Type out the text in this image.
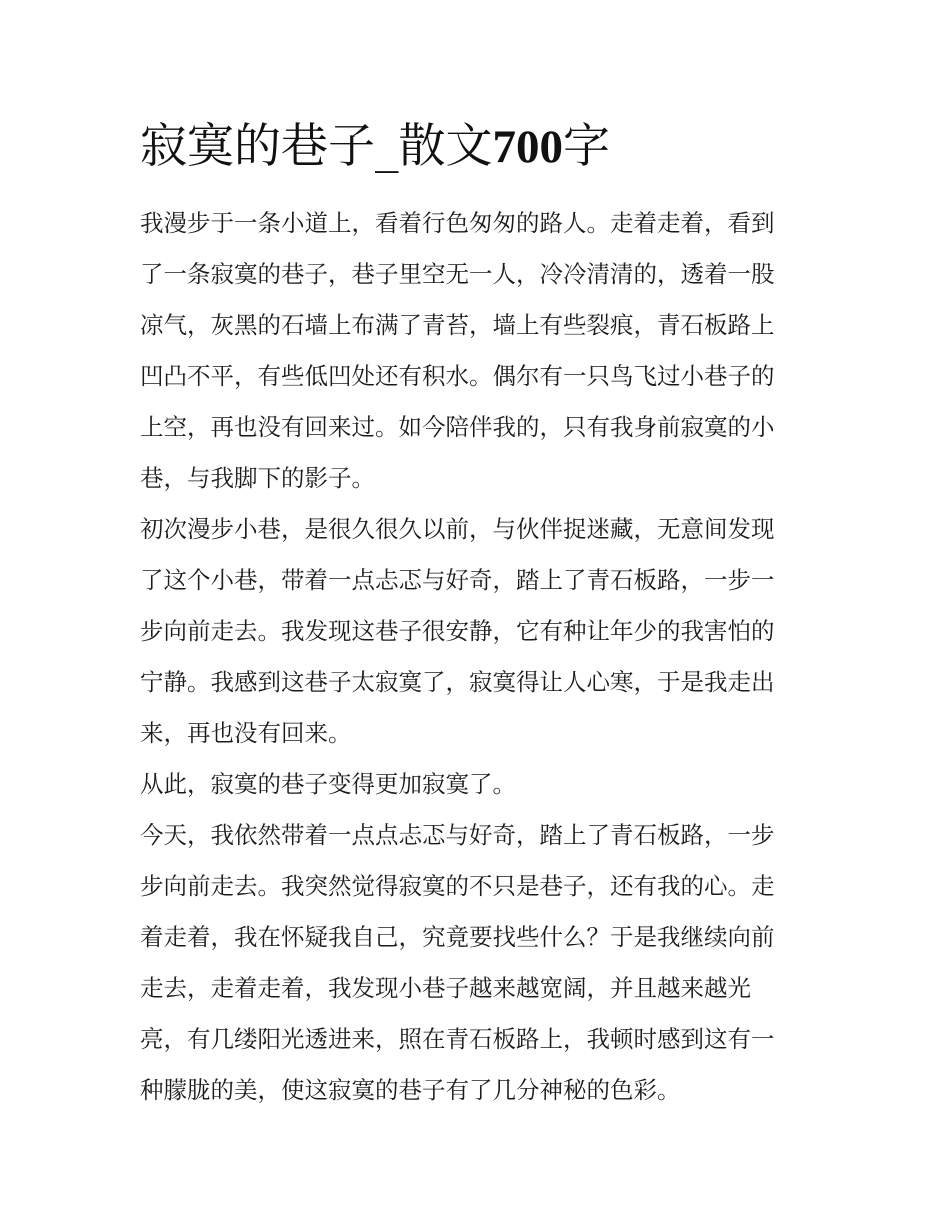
寂寞的巷子_散文700字
我漫步于一条小道上，看着行色匆匆的路人。走着走着，看到
了一条寂寞的巷子，巷子里空无一人，冷冷清清的，透着一股
凉气，灰黑的石墙上布满了青苔，墙上有些裂痕，青石板路上
凹凸不平，有些低凹处还有积水。偶尔有一只鸟飞过小巷子的
上空，再也没有回来过。如今陪伴我的，只有我身前寂寞的小
巷，与我脚下的影子。
初次漫步小巷，是很久很久以前，与伙伴捉迷藏，无意间发现
了这个小巷，带着一点忐忑与好奇，踏上了青石板路，一步一
步向前走去。我发现这巷子很安静，它有种让年少的我害怕的
宁静。我感到这巷子太寂寞了，寂寞得让人心寒，于是我走出
来，再也没有回来。
从此，寂寞的巷子变得更加寂寞了。
今天，我依然带着一点点忐忑与好奇，踏上了青石板路，一步
步向前走去。我突然觉得寂寞的不只是巷子，还有我的心。走
着走着，我在怀疑我自己，究竟要找些什么？于是我继续向前
走去，走着走着，我发现小巷子越来越宽阔，并且越来越光
亮，有几缕阳光透进来，照在青石板路上，我顿时感到这有一
种朦胧的美，使这寂寞的巷子有了几分神秘的色彩。
